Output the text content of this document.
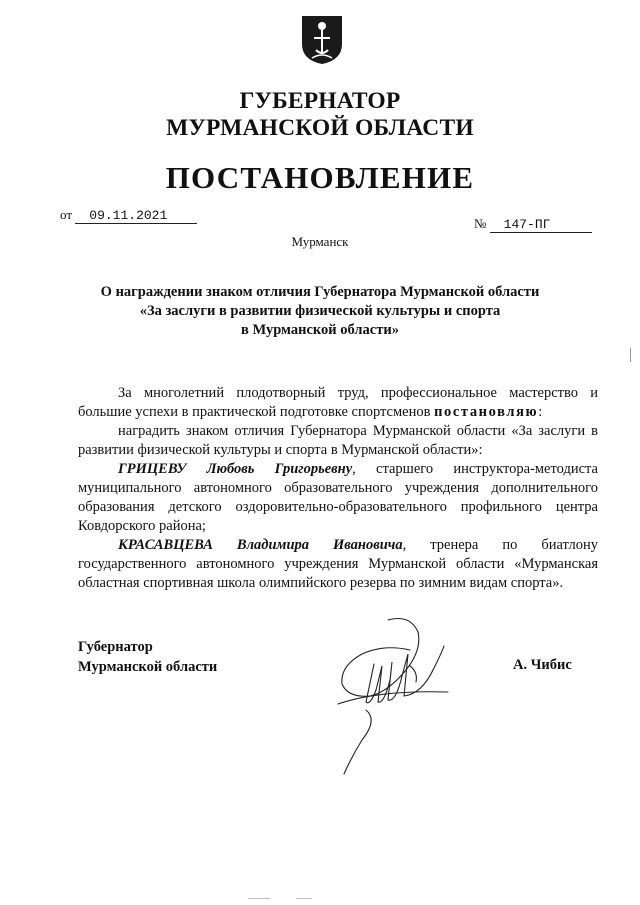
ГУБЕРНАТОР
МУРМАНСКОЙ ОБЛАСТИ
ПОСТАНОВЛЕНИЕ
от 09.11.2021
№ 147-ПГ
Мурманск
О награждении знаком отличия Губернатора Мурманской области
«За заслуги в развитии физической культуры и спорта
в Мурманской области»

За многолетний плодотворный труд, профессиональное мастерство и большие успехи в практической подготовке спортсменов постановляю:

наградить знаком отличия Губернатора Мурманской области «За заслуги в развитии физической культуры и спорта в Мурманской области»:

ГРИЦЕВУ Любовь Григорьевну, старшего инструктора-методиста муниципального автономного образовательного учреждения дополнительного образования детского оздоровительно-образовательного профильного центра Ковдорского района;

КРАСАВЦЕВА Владимира Ивановича, тренера по биатлону государственного автономного учреждения Мурманской области «Мурманская областная спортивная школа олимпийского резерва по зимним видам спорта».

Губернатор
Мурманской области	А. Чибис
